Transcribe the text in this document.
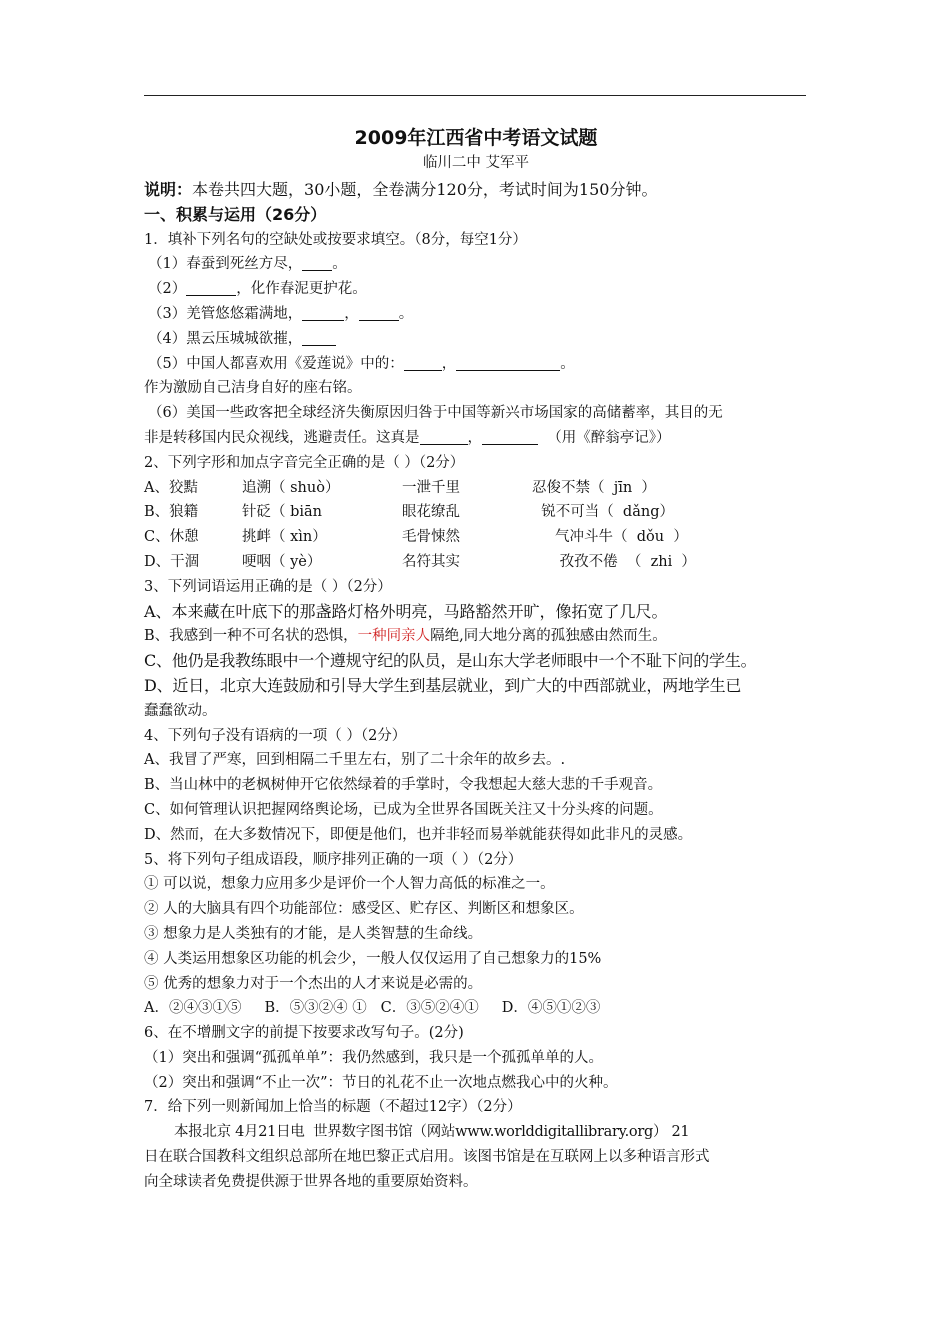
2009年江西省中考语文试题
临川二中 艾军平
说明：本卷共四大题，30小题，全卷满分120分，考试时间为150分钟。
一、积累与运用（26分）
1．填补下列名句的空缺处或按要求填空。（8分，每空1分）
（1）春蚕到死丝方尽， 。
（2）	，化作春泥更护花。
（3）羌管悠悠霜满地，	，	。
（4）黑云压城城欲摧，
（5）中国人都喜欢用《爱莲说》中的：	，	。
作为激励自己洁身自好的座右铭。
（6）美国一些政客把全球经济失衡原因归咎于中国等新兴市场国家的高储蓄率，其目的无
非是转移国内民众视线，逃避责任。这真是	，	（用《醉翁亭记》）
2、下列字形和加点字音完全正确的是（ ）（2分）
A、狡黠	追溯（ shuò）	一泄千里	忍俊不禁（  jīn  ）
B、狼籍	针砭（ biān	眼花缭乱	锐不可当（  dǎng）
C、休憩	挑衅（ xìn）	毛骨悚然	气冲斗牛（  dǒu  ）
D、干涸	哽咽（ yè）	名符其实	孜孜不倦  （  zhi  ）
3、下列词语运用正确的是（ ）（2分）
A、本来藏在叶底下的那盏路灯格外明亮，马路豁然开旷，像拓宽了几尺。
B、我感到一种不可名状的恐惧，一种同亲人隔绝,同大地分离的孤独感由然而生。
C、他仍是我教练眼中一个遵规守纪的队员，是山东大学老师眼中一个不耻下问的学生。
D、近日，北京大连鼓励和引导大学生到基层就业，到广大的中西部就业，两地学生已
蠢蠢欲动。
4、下列句子没有语病的一项（ ）（2分）
A、我冒了严寒，回到相隔二千里左右，别了二十余年的故乡去。.
B、当山林中的老枫树伸开它依然绿着的手掌时，令我想起大慈大悲的千手观音。
C、如何管理认识把握网络舆论场，已成为全世界各国既关注又十分头疼的问题。
D、然而，在大多数情况下，即便是他们，也并非轻而易举就能获得如此非凡的灵感。
5、将下列句子组成语段，顺序排列正确的一项（ ）（2分）
① 可以说，想象力应用多少是评价一个人智力高低的标准之一。
② 人的大脑具有四个功能部位：感受区、贮存区、判断区和想象区。
③ 想象力是人类独有的才能，是人类智慧的生命线。
④ 人类运用想象区功能的机会少，一般人仅仅运用了自己想象力的15%
⑤ 优秀的想象力对于一个杰出的人才来说是必需的。
A．②④③①⑤     B．⑤③②④ ①   C．③⑤②④①     D．④⑤①②③
6、在不增删文字的前提下按要求改写句子。(2分)
（1）突出和强调“孤孤单单”：我仍然感到，我只是一个孤孤单单的人。
（2）突出和强调“不止一次”：节日的礼花不止一次地点燃我心中的火种。
7．给下列一则新闻加上恰当的标题（不超过12字）（2分）
本报北京 4月21日电  世界数字图书馆（网站www.worlddigitallibrary.org） 21
日在联合国教科文组织总部所在地巴黎正式启用。该图书馆是在互联网上以多种语言形式
向全球读者免费提供源于世界各地的重要原始资料。
